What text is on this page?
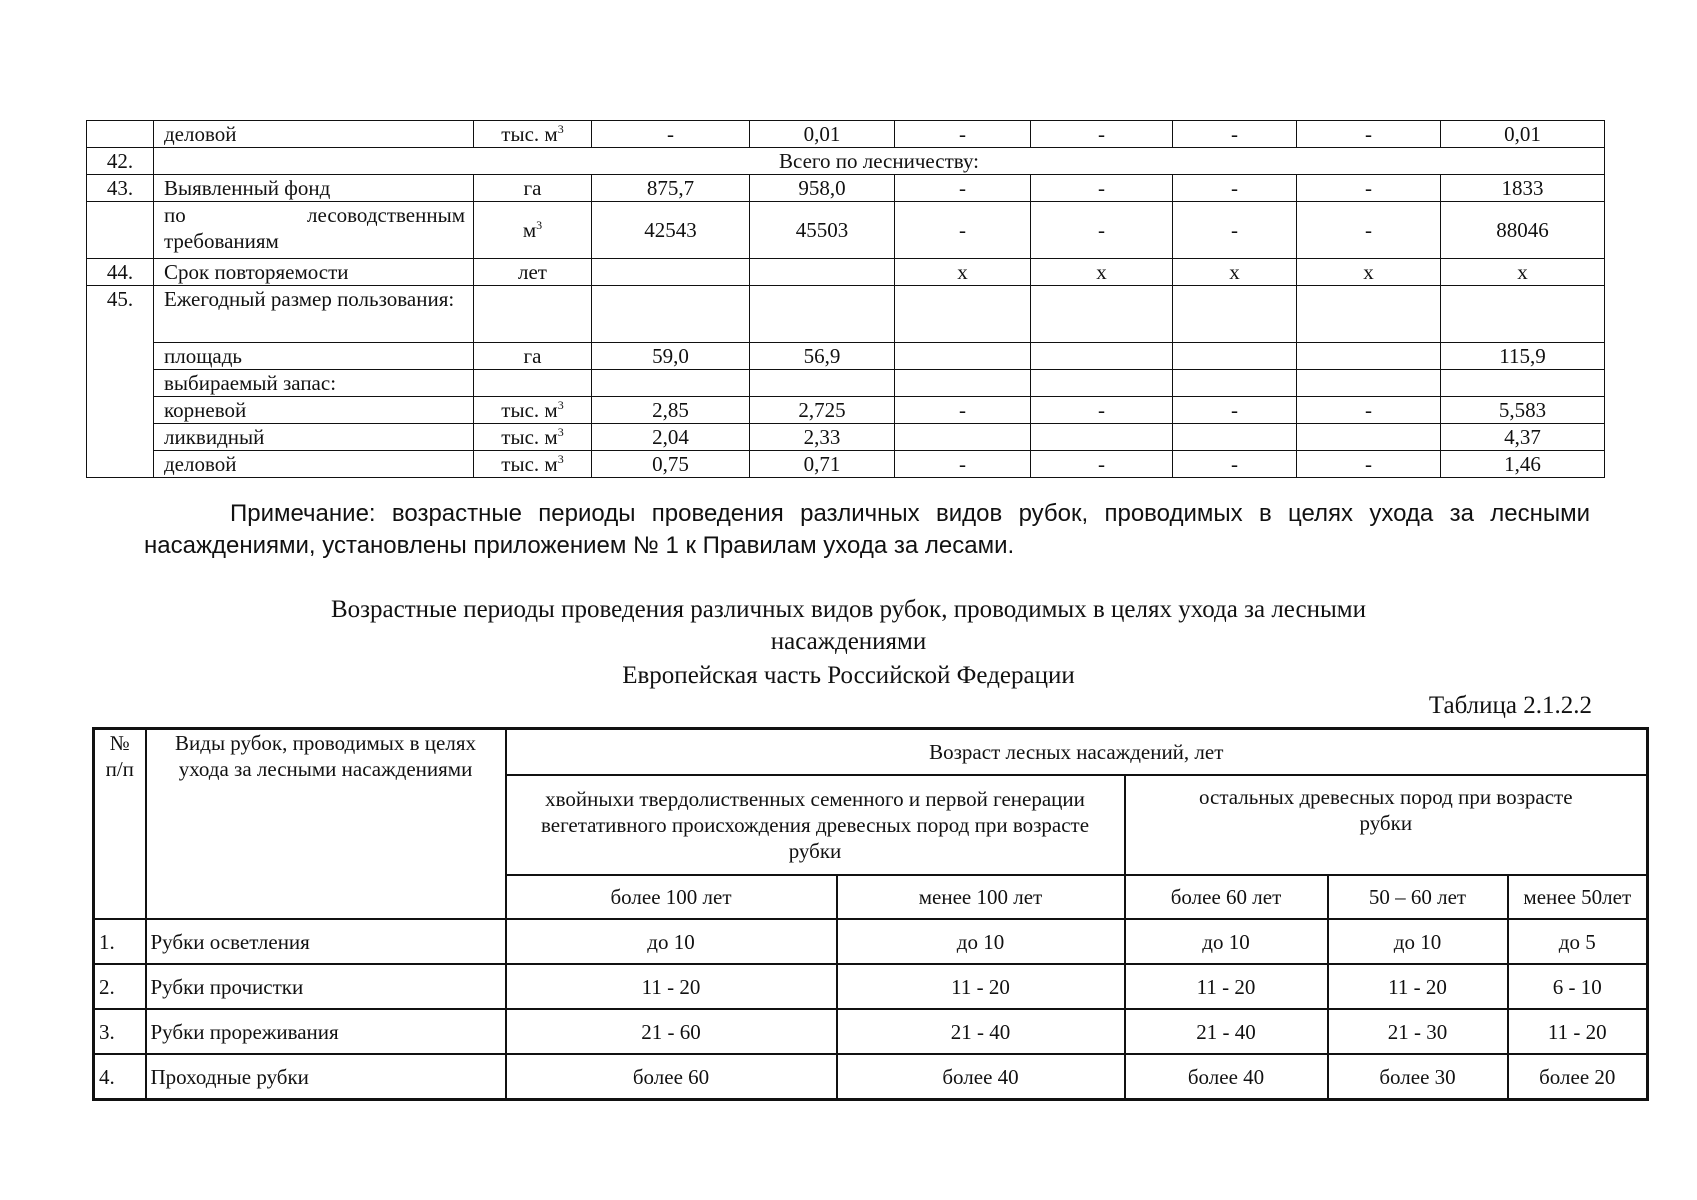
	деловой	тыс. $м^3$	-	0,01	-	-	-	-	0,01
42.	Всего по лесничеству:								
43.	Выявленный фонд	га	875,7	958,0	-	-	-	-	1833
	по лесоводственным требованиям	$м^3$	42543	45503	-	-	-	-	88046
44.	Срок повторяемости	лет			х	х	х	х	х
45.	Ежегодный размер пользования:								
	площадь	га	59,0	56,9					115,9
	выбираемый запас:								
	корневой	тыс. $м^3$	2,85	2,725	-	-	-	-	5,583
	ликвидный	тыс. $м^3$	2,04	2,33					4,37
	деловой	тыс. $м^3$	0,75	0,71	-	-	-	-	1,46

Примечание: возрастные периоды проведения различных видов рубок, проводимых в целях ухода за лесными насаждениями, установлены приложением № 1 к Правилам ухода за лесами.

Возрастные периоды проведения различных видов рубок, проводимых в целях ухода за лесными

насаждениями

Европейская часть Российской Федерации

Таблица 2.1.2.2

№ п/п	Виды рубок, проводимых в целях ухода за лесными насаждениями	Возраст лесных насаждений, лет				
		хвойныхи твердолиственных семенного и первой генерации вегетативного происхождения древесных пород при возрасте рубки		остальных древесных пород при возрасте рубки		
		более 100 лет	менее 100 лет	более 60 лет	50 – 60 лет	менее 50лет
1.	Рубки осветления	до 10	до 10	до 10	до 10	до 5
2.	Рубки прочистки	11 - 20	11 - 20	11 - 20	11 - 20	6 - 10
3.	Рубки прореживания	21 - 60	21 - 40	21 - 40	21 - 30	11 - 20
4.	Проходные рубки	более 60	более 40	более 40	более 30	более 20
